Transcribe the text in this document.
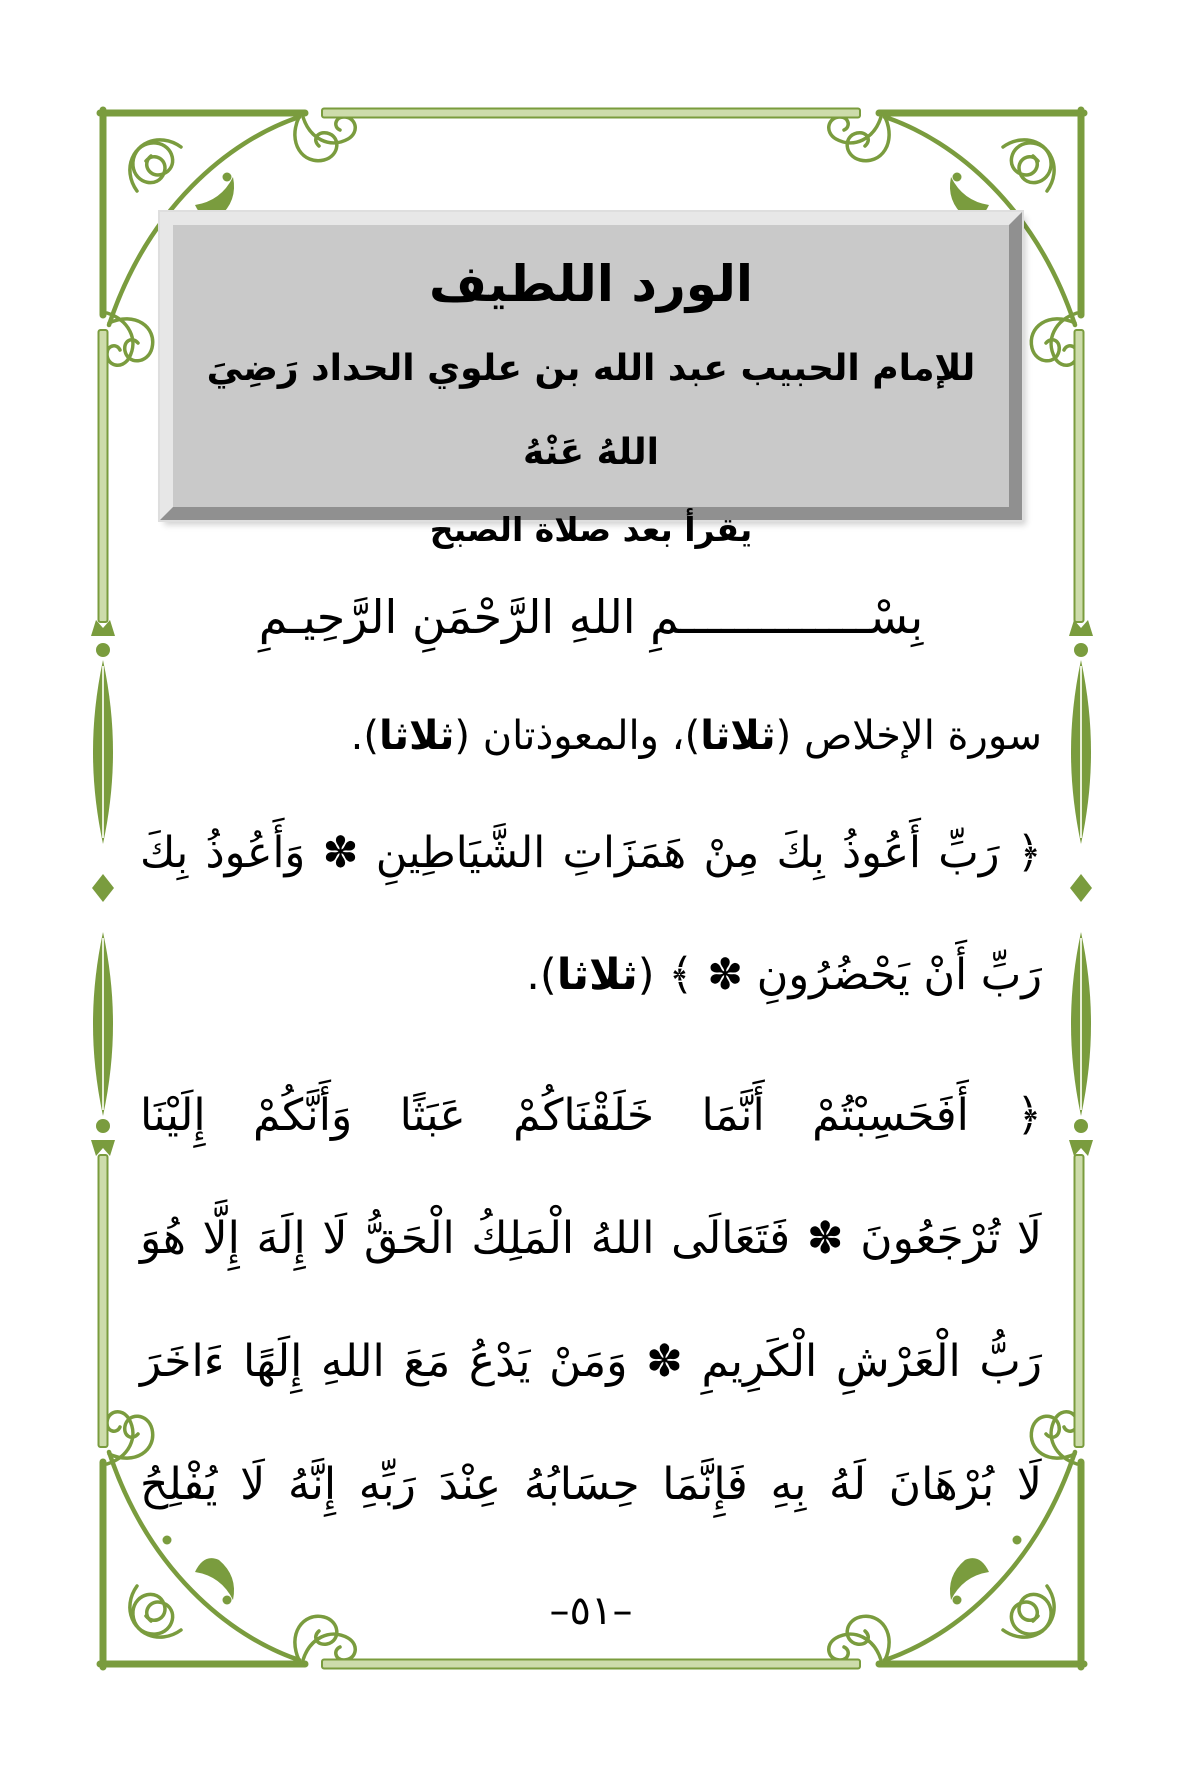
الورد اللطيف
للإمام الحبيب عبد الله بن علوي الحداد رَضِيَ اللهُ عَنْهُ
يقرأ بعد صلاة الصبح
بِسْــــــــــــــمِ اللهِ الرَّحْمَنِ الرَّحِيـمِ
سورة الإخلاص (ثلاثا)، والمعوذتان (ثلاثا).
﴿ رَبِّ أَعُوذُ بِكَ مِنْ هَمَزَاتِ الشَّيَاطِينِ ✽ وَأَعُوذُ بِكَ
رَبِّ أَنْ يَحْضُرُونِ ✽ ﴾ (ثلاثا).
﴿ أَفَحَسِبْتُمْ أَنَّمَا خَلَقْنَاكُمْ عَبَثًا وَأَنَّكُمْ إِلَيْنَا
لَا تُرْجَعُونَ ✽ فَتَعَالَى اللهُ الْمَلِكُ الْحَقُّ لَا إِلَهَ إِلَّا هُوَ
رَبُّ الْعَرْشِ الْكَرِيمِ ✽ وَمَنْ يَدْعُ مَعَ اللهِ إِلَهًا ءَاخَرَ
لَا بُرْهَانَ لَهُ بِهِ فَإِنَّمَا حِسَابُهُ عِنْدَ رَبِّهِ إِنَّهُ لَا يُفْلِحُ
–٥١–
